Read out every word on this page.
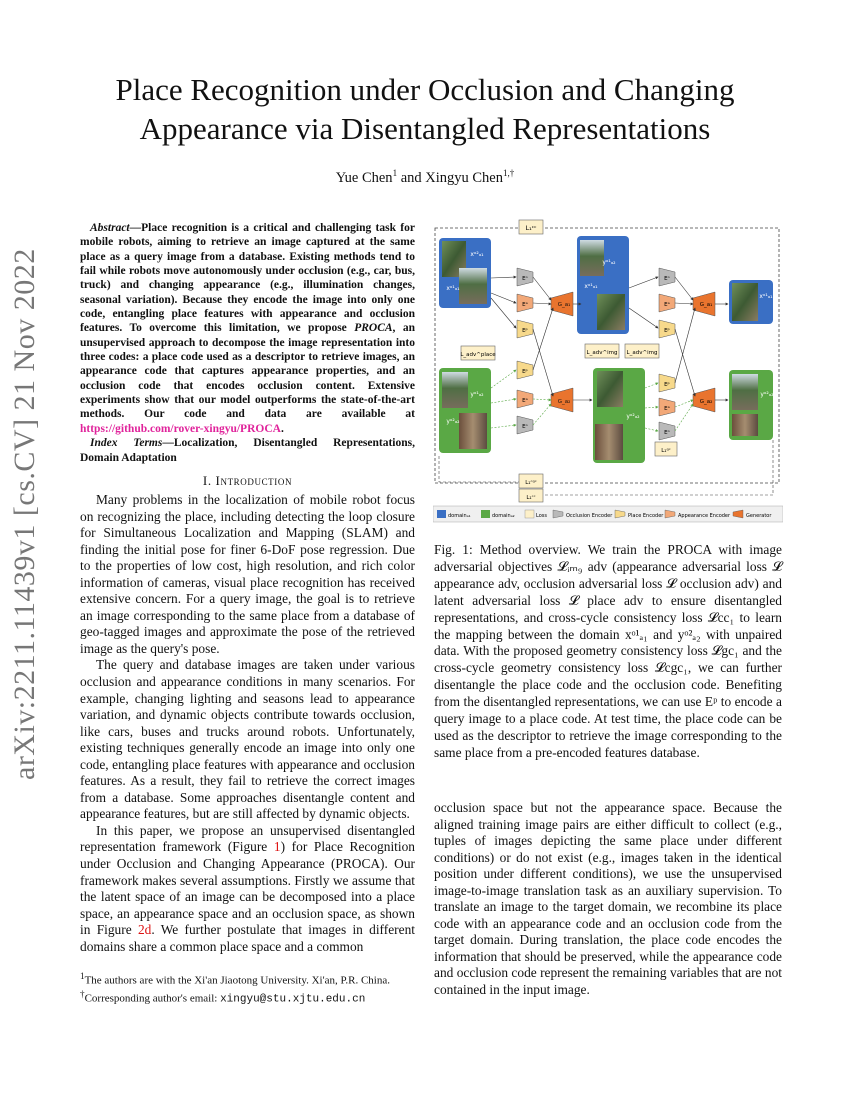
Place Recognition under Occlusion and Changing Appearance via Disentangled Representations
Yue Chen$^1$ and Xingyu Chen$^{1,\dagger}$
arXiv:2211.11439v1 [cs.CV] 21 Nov 2022

Abstract—Place recognition is a critical and challenging task for mobile robots, aiming to retrieve an image captured at the same place as a query image from a database. Existing methods tend to fail while robots move autonomously under occlusion (e.g., car, bus, truck) and changing appearance (e.g., illumination changes, seasonal variation). Because they encode the image into only one code, entangling place features with appearance and occlusion features. To overcome this limitation, we propose PROCA, an unsupervised approach to decompose the image representation into three codes: a place code used as a descriptor to retrieve images, an appearance code that captures appearance properties, and an occlusion code that encodes occlusion content. Extensive experiments show that our model outperforms the state-of-the-art methods. Our code and data are available at https://github.com/rover-xingyu/PROCA.

Index Terms—Localization, Disentangled Representations, Domain Adaptation

I. Introduction

Many problems in the localization of mobile robot focus on recognizing the place, including detecting the loop closure for Simultaneous Localization and Mapping (SLAM) and finding the initial pose for finer 6-DoF pose regression. Due to the properties of low cost, high resolution, and rich color information of cameras, visual place recognition has received extensive concern. For a query image, the goal is to retrieve an image corresponding to the same place from a database of geo-tagged images and approximate the pose of the retrieved image as the query's pose.

The query and database images are taken under various occlusion and appearance conditions in many scenarios. For example, changing lighting and seasons lead to appearance variation, and dynamic objects contribute towards occlusion, like cars, buses and trucks around robots. Unfortunately, existing techniques generally encode an image into only one code, entangling place features with appearance and occlusion features. As a result, they fail to retrieve the correct images from a database. Some approaches disentangle content and appearance features, but are still affected by dynamic objects.

In this paper, we propose an unsupervised disentangled representation framework (Figure 1) for Place Recognition under Occlusion and Changing Appearance (PROCA). Our framework makes several assumptions. Firstly we assume that the latent space of an image can be decomposed into a place space, an appearance space and an occlusion space, as shown in Figure 2d. We further postulate that images in different domains share a common place space and a common

$^1$The authors are with the Xi'an Jiaotong University. Xi'an, P.R. China.
†Corresponding author's email: xingyu@stu.xjtu.edu.cn
L₁ᶜᶜ
xᵒ²ₐ₁
xᵒ¹ₐ₁
yᵒ²ₐ₂
yᵒ¹ₐ₂
Eᵒ
Eᵃ
Eᵖ
Eᵖ
Eᵃ
Eᵒ
G_a₁
G_a₂
yᵒ¹ₐ₂
xᵒ¹ₐ₁
yᵒ²ₐ₂
L_adv^place	L_adv^img L_adv^img
L₁ᵍᶜ
Eᵒ
Eᵃ
Eᵖ
Eᵖ
Eᵃ
Eᵒ
G_a₁
G_a₂
xᵒ¹ₐ₁
yᵒ²ₐ₂
L₁ᶜᵍᶜ
L₁ᶜᶜ
domainₐ₁	domainₐ₂	Loss	Occlusion Encoder	Place Encoder	Appearance Encoder	Generator
Fig. 1: Method overview. We train the PROCA with image adversarial objectives 𝓛ᵢₘ₉ adv (appearance adversarial loss 𝓛 appearance adv, occlusion adversarial loss 𝓛 occlusion adv) and latent adversarial loss 𝓛 place adv to ensure disentangled representations, and cross-cycle consistency loss 𝓛cc₁ to learn the mapping between the domain xᵒ¹ₐ₁ and yᵒ²ₐ₂ with unpaired data. With the proposed geometry consistency loss 𝓛gc₁ and the cross-cycle geometry consistency loss 𝓛cgc₁, we can further disentangle the place code and the occlusion code. Benefiting from the disentangled representations, we can use Eᵖ to encode a query image to a place code. At test time, the place code can be used as the descriptor to retrieve the image corresponding to the same place from a pre-encoded features database.

occlusion space but not the appearance space. Because the aligned training image pairs are either difficult to collect (e.g., tuples of images depicting the same place under different conditions) or do not exist (e.g., images taken in the identical position under different conditions), we use the unsupervised image-to-image translation task as an auxiliary supervision. To translate an image to the target domain, we recombine its place code with an appearance code and an occlusion code from the target domain. During translation, the place code encodes the information that should be preserved, while the appearance code and occlusion code represent the remaining variables that are not contained in the input image.
